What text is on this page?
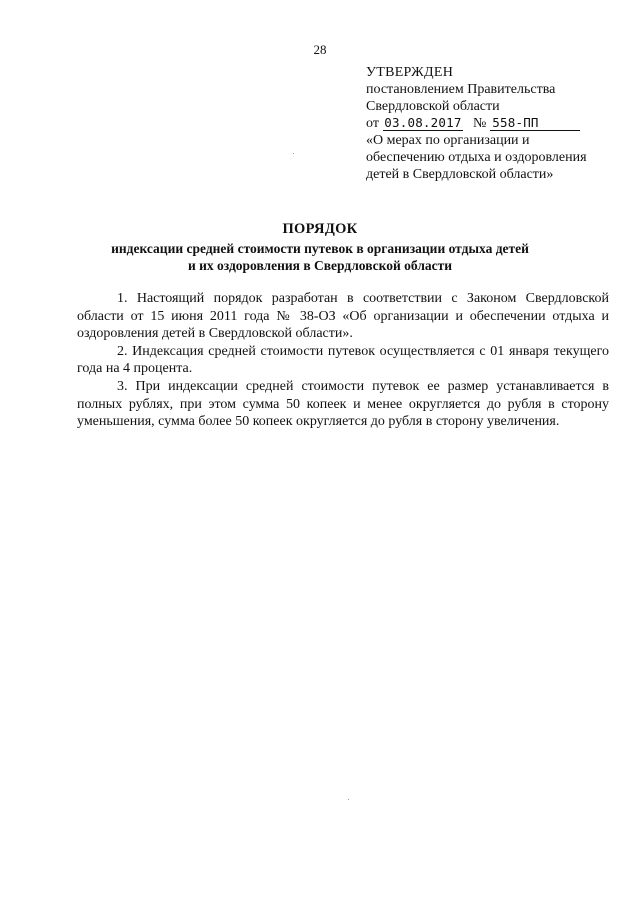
28
УТВЕРЖДЕН
постановлением Правительства
Свердловской области
от 03.08.2017 № 558-ПП
«О мерах по организации и
обеспечению отдыха и оздоровления
детей в Свердловской области»
ПОРЯДОК
индексации средней стоимости путевок в организации отдыха детей
и их оздоровления в Свердловской области

1. Настоящий порядок разработан в соответствии с Законом Свердловской области от 15 июня 2011 года № 38-ОЗ «Об организации и обеспечении отдыха и оздоровления детей в Свердловской области».

2. Индексация средней стоимости путевок осуществляется с 01 января текущего года на 4 процента.

3. При индексации средней стоимости путевок ее размер устанавливается в полных рублях, при этом сумма 50 копеек и менее округляется до рубля в сторону уменьшения, сумма более 50 копеек округляется до рубля в сторону увеличения.
